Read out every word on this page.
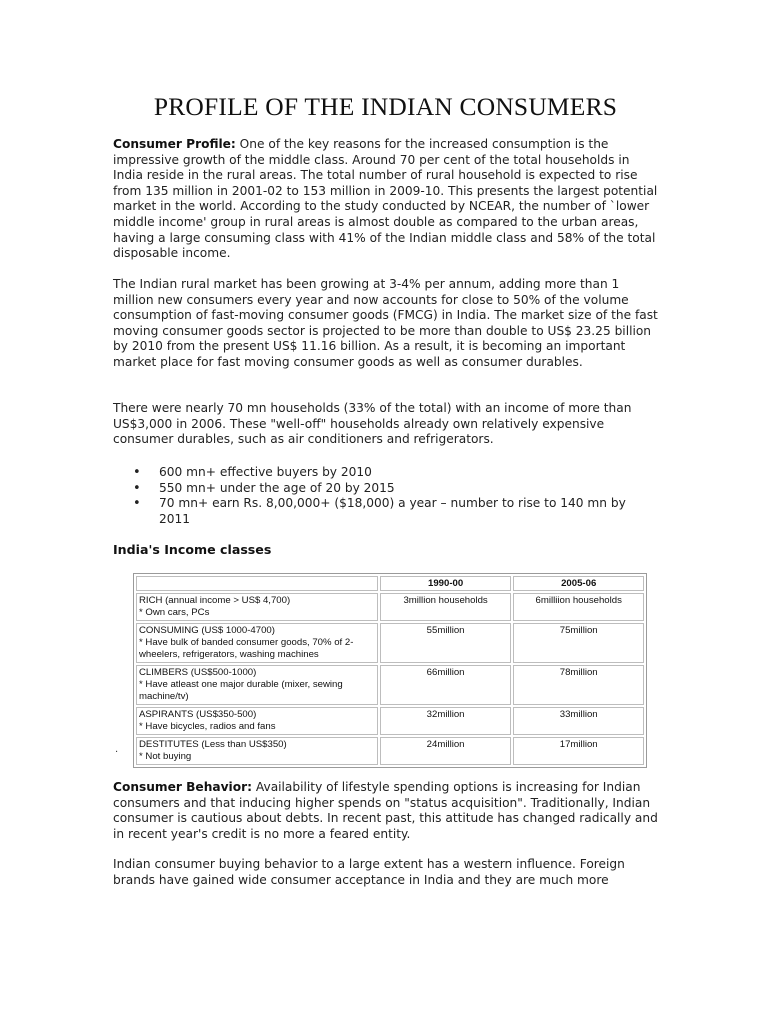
PROFILE OF THE INDIAN CONSUMERS

Consumer Profile: One of the key reasons for the increased consumption is the impressive growth of the middle class. Around 70 per cent of the total households in India reside in the rural areas. The total number of rural household is expected to rise from 135 million in 2001-02 to 153 million in 2009-10. This presents the largest potential market in the world. According to the study conducted by NCEAR, the number of `lower middle income' group in rural areas is almost double as compared to the urban areas, having a large consuming class with 41% of the Indian middle class and 58% of the total disposable income.

The Indian rural market has been growing at 3-4% per annum, adding more than 1 million new consumers every year and now accounts for close to 50% of the volume consumption of fast-moving consumer goods (FMCG) in India. The market size of the fast moving consumer goods sector is projected to be more than double to US$ 23.25 billion by 2010 from the present US$ 11.16 billion. As a result, it is becoming an important market place for fast moving consumer goods as well as consumer durables.

There were nearly 70 mn households (33% of the total) with an income of more than US$3,000 in 2006. These "well-off" households already own relatively expensive consumer durables, such as air conditioners and refrigerators.

• 600 mn+ effective buyers by 2010
• 550 mn+ under the age of 20 by 2015
• 70 mn+ earn Rs. 8,00,000+ ($18,000) a year – number to rise to 140 mn by 2011
India's Income classes
	1990-00	2005-06
RICH (annual income > US$ 4,700)
* Own cars, PCs	3million households	6milliion households
CONSUMING (US$ 1000-4700)
* Have bulk of banded consumer goods, 70% of 2-wheelers, refrigerators, washing machines	55million	75million
CLIMBERS (US$500-1000)
* Have atleast one major durable (mixer, sewing machine/tv)	66million	78million
ASPIRANTS (US$350-500)
* Have bicycles, radios and fans	32million	33million
DESTITUTES (Less than US$350)
* Not buying	24million	17million

Consumer Behavior: Availability of lifestyle spending options is increasing for Indian consumers and that inducing higher spends on "status acquisition". Traditionally, Indian consumer is cautious about debts. In recent past, this attitude has changed radically and in recent year's credit is no more a feared entity.

Indian consumer buying behavior to a large extent has a western influence. Foreign brands have gained wide consumer acceptance in India and they are much more

.
